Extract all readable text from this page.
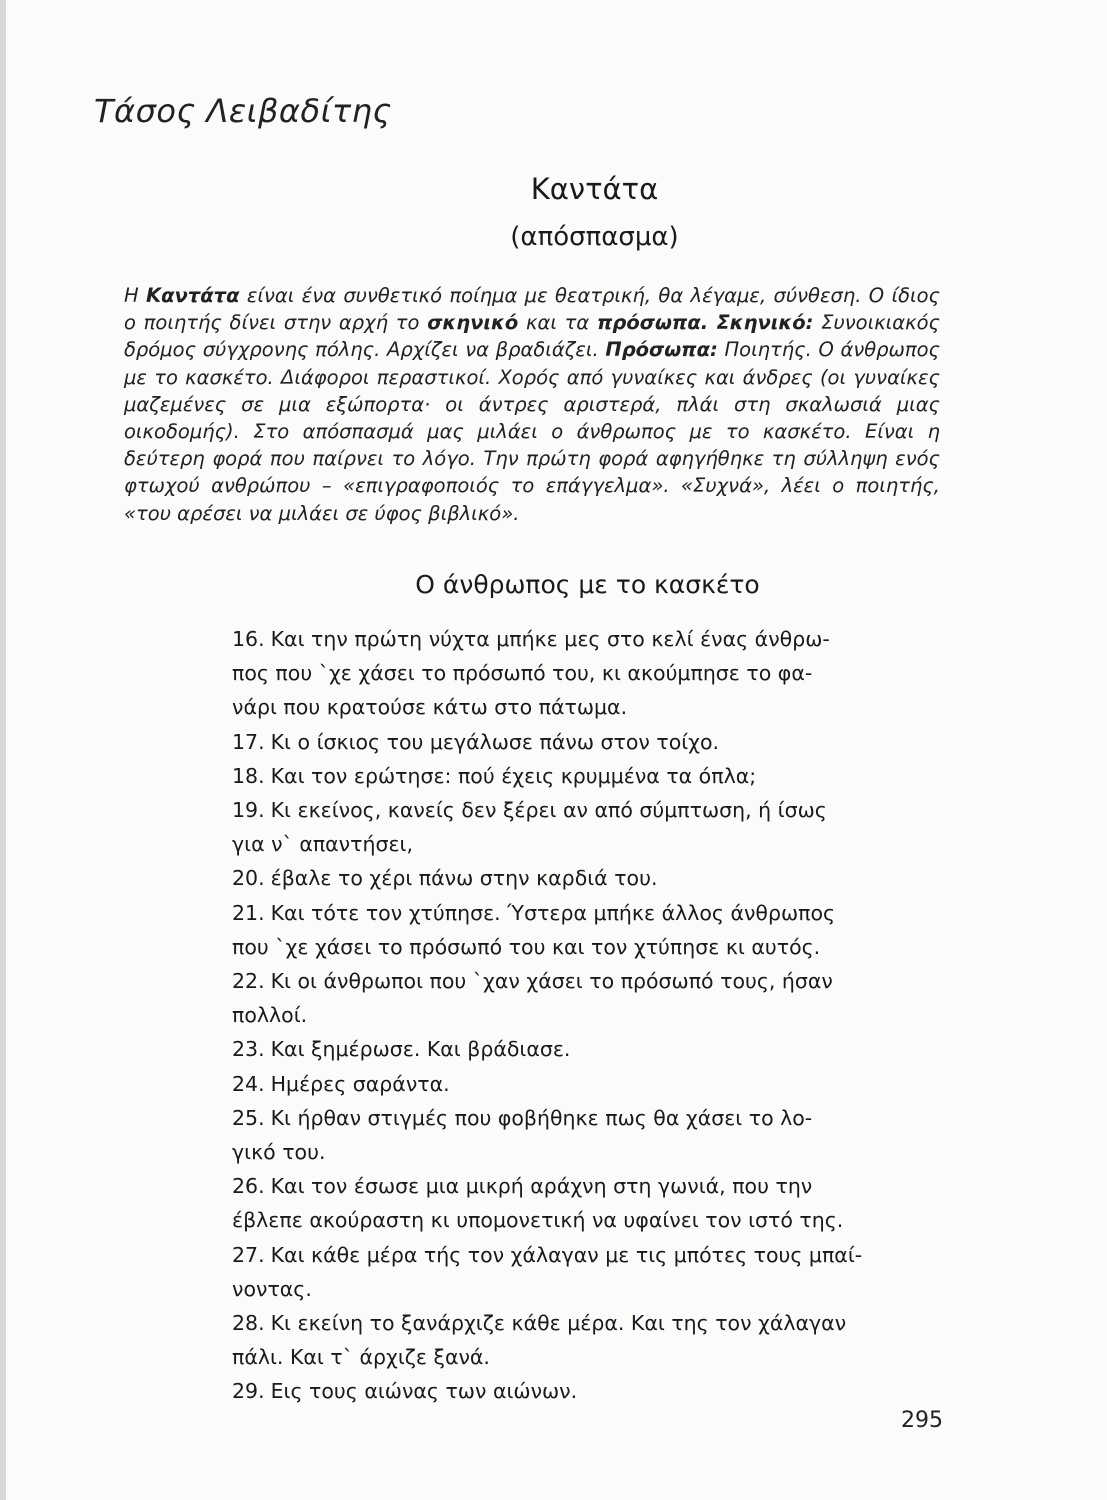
Τάσος Λειβαδίτης
Καντάτα
(απόσπασμα)

Η Καντάτα είναι ένα συνθετικό ποίημα με θεατρική, θα λέγαμε, σύνθεση. Ο ίδιος ο ποιητής δίνει στην αρχή το σκηνικό και τα πρόσωπα. Σκηνικό: Συνοικιακός δρόμος σύγχρονης πόλης. Αρχίζει να βραδιάζει. Πρόσωπα: Ποιητής. Ο άνθρωπος με το κασκέτο. Διάφοροι περαστικοί. Χορός από γυναίκες και άνδρες (οι γυναίκες μαζεμένες σε μια εξώπορτα· οι άντρες αριστερά, πλάι στη σκαλωσιά μιας οικοδομής). Στο απόσπασμά μας μιλάει ο άνθρωπος με το κασκέτο. Είναι η δεύτερη φορά που παίρνει το λόγο. Την πρώτη φορά αφηγήθηκε τη σύλληψη ενός φτωχού ανθρώπου – «επιγραφοποιός το επάγγελμα». «Συχνά», λέει ο ποιητής, «του αρέσει να μιλάει σε ύφος βιβλικό».

Ο άνθρωπος με το κασκέτο
16. Και την πρώτη νύχτα μπήκε μες στο κελί ένας άνθρω-
πος που `χε χάσει το πρόσωπό του, κι ακούμπησε το φα-
νάρι που κρατούσε κάτω στο πάτωμα.
17. Κι ο ίσκιος του μεγάλωσε πάνω στον τοίχο.
18. Και τον ερώτησε: πού έχεις κρυμμένα τα όπλα;
19. Κι εκείνος, κανείς δεν ξέρει αν από σύμπτωση, ή ίσως
για ν` απαντήσει,
20. έβαλε το χέρι πάνω στην καρδιά του.
21. Και τότε τον χτύπησε. Ύστερα μπήκε άλλος άνθρωπος
που `χε χάσει το πρόσωπό του και τον χτύπησε κι αυτός.
22. Κι οι άνθρωποι που `χαν χάσει το πρόσωπό τους, ήσαν
πολλοί.
23. Και ξημέρωσε. Και βράδιασε.
24. Ημέρες σαράντα.
25. Κι ήρθαν στιγμές που φοβήθηκε πως θα χάσει το λο-
γικό του.
26. Και τον έσωσε μια μικρή αράχνη στη γωνιά, που την
έβλεπε ακούραστη κι υπομονετική να υφαίνει τον ιστό της.
27. Και κάθε μέρα τής τον χάλαγαν με τις μπότες τους μπαί-
νοντας.
28. Κι εκείνη το ξανάρχιζε κάθε μέρα. Και της τον χάλαγαν
πάλι. Και τ` άρχιζε ξανά.
29. Εις τους αιώνας των αιώνων.

295
